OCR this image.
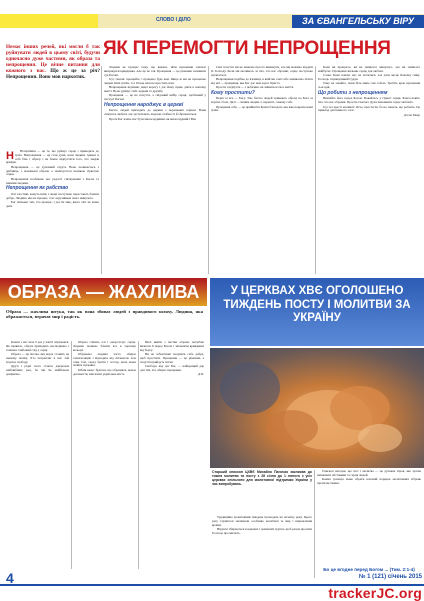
СЛОВО І ДІЛО	ЗА ЄВАНГЕЛЬСЬКУ ВІРУ
Немає інших речей, які могли б так руйнувати людей в цьому світі, будучи одночасно дуже частими, як образа та непрощення. Це вічне питання для кожного з нас. Що ж це за річ? Непрощення. Воно мов наркотик.
ЯК ПЕРЕМОГТИ НЕПРОЩЕННЯ
Н	Нетерпіння — це те, що руйнує серце і приводить до гріха. Непрощення — це стан душі, коли людина тримає в собі біль і образу і не бажає відпустити того, хто завдав кривди.

Непрощення — це духовний отрута. Воно починається з дрібниць, з маленької образи, а закінчується великою гіркотою серця.

Непрощення позбавляє нас радості спілкування з Богом та іншими людьми.

Непрощення як рабство

Очі злостиві, кажуть інші, і люди поступово перестають бачити добро. Людина, яка не прощає, стає заручником свого минулого.

Бог звільняє тих, хто прощає, і дає їм мир, якого світ не може дати.

Людина не прощає тому, що вважає, ніби прощення означає виправдати кривдника. Але це не так. Прощення — це рішення залишити суд Богові.

Ісус сказав: прощайте, і прощено буде вам. Якщо ж ми не прощаємо людям їхніх гріхів, то і Отець наш не простить нам.

Непрощення відчиняє двері ворогу і дає йому право діяти в нашому житті. Воно руйнує сім'ї, церкви та дружбу.

Прощення — це не почуття, а свідомий вибір серця, зроблений у послусі Богові.

Непрощення народжує в церкві

Багато людей приходять до церкви з пораненим серцем. Вони очікують любові, але зустрічають людські слабкості й ображаються.

Проте Бог кличе нас бути милосердними, як милосердний і Він.

Свої почуття ми не можемо просто вимкнути, але ми можемо віддати їх Господу. Коли ми молимось за тих, хто нас образив, серце поступово зцілюється.

Непрощення подібне до в'язниці, в якій ми самі себе замикаємо. Ключ від неї — прощення, яке Бог дає нам через Христа.

Прости і відпусти — і побачиш, як зміниться твоє життя.

Кому простити?

Перш за все — Богу. Так, багато людей тримають образу на Бога за втрати і болі. Далі — іншим людям. І, нарешті, самому собі.

Прощення себе — це прийняття Божої благодаті, яка вже покрила наші гріхи.

Коли ви прощаєте, ви не змінюєте минулого, але ви змінюєте майбутнє. Прощення звільняє серце для любові.

Слово Боже навчає нас не мститися, але дати місце Божому гніву. Господь справедливий Суддя.

Тому не чекайте, поки біль мине сам собою. Зробіть крок прощення сьогодні.

Що робити з непрощенням

Визнайте його перед Богом. Покайтесь у гіркоті серця. Благословіть тих, хто вас образив. Просіть Святого Духа наповнити серце любов'ю.

Ісус на хресті молився: Отче, прости їм, бо не знають, що роблять. Це приклад для кожного з нас.

Джон Бівер
ОБРАЗА — ЖАХЛИВА ШТУКА
Образа — жахлива штука, так як вона збиває людей з правдивого шляху. Людина, яка ображається, втрачає мир і радість.

Кожен з нас хоча б раз у житті ображався. Як правило, образа приходить несподівано і залишає глибокий слід у серці.

Образа — це пастка, яку ворог ставить на нашому шляху. Хто потрапляє в неї, той втрачає свободу.

Друзі і рідні часто стають джерелом найглибших ран, бо ми їм найбільше довіряємо.

Образа сліпить очі і ожорсточує серце. Людина починає бачити все в чорному кольорі.

Ображена людина часто обирає самоізоляцію і відходить від спільноти. Але саме там, серед братів і сестер, вона може знайти зцілення.

Біблія каже: братові, що образився, важче допомогти, ніж взяти укріплене місто.

Щоб вийти з пастки образи, потрібно визнати її перед Богом і звільнити кривдника від боргу.

Ви не зобов'язані почувати себе добре, щоб простити. Прощення — це рішення, а почуття прийдуть потім.

Свобода, яку дає Бог, — найкращий дар для тих, хто обирає прощення.

Д.П.
У ЦЕРКВАХ ХВЄ ОГОЛОШЕНО ТИЖДЕНЬ ПОСТУ І МОЛИТВИ ЗА УКРАЇНУ
Старший єпископ ЦХВЄ Михайло Паночко закликав до тижня молитви та посту з 28 січня до 1 лютого з усіх церквах спільноти для молитовної підтримки України у час випробувань.

Традиційно молитовний тиждень проходить на початку року. Цього разу служителі закликали особливо молитися за мир і відновлення країни.

Віруючі збираються в церквах і домашніх групах, щоб разом просити Господа про милість.

Єпископ нагадав, що піст і молитва — це духовна зброя, яка здатна змінювати обставини та серця людей.

Кожна громада може обрати власний порядок молитовних зібрань протягом тижня.

Бо це вгодне перед Богом ... (Тим. 2:1-4)
4	№ 1 (121) січень 2015
trackerJC.org
